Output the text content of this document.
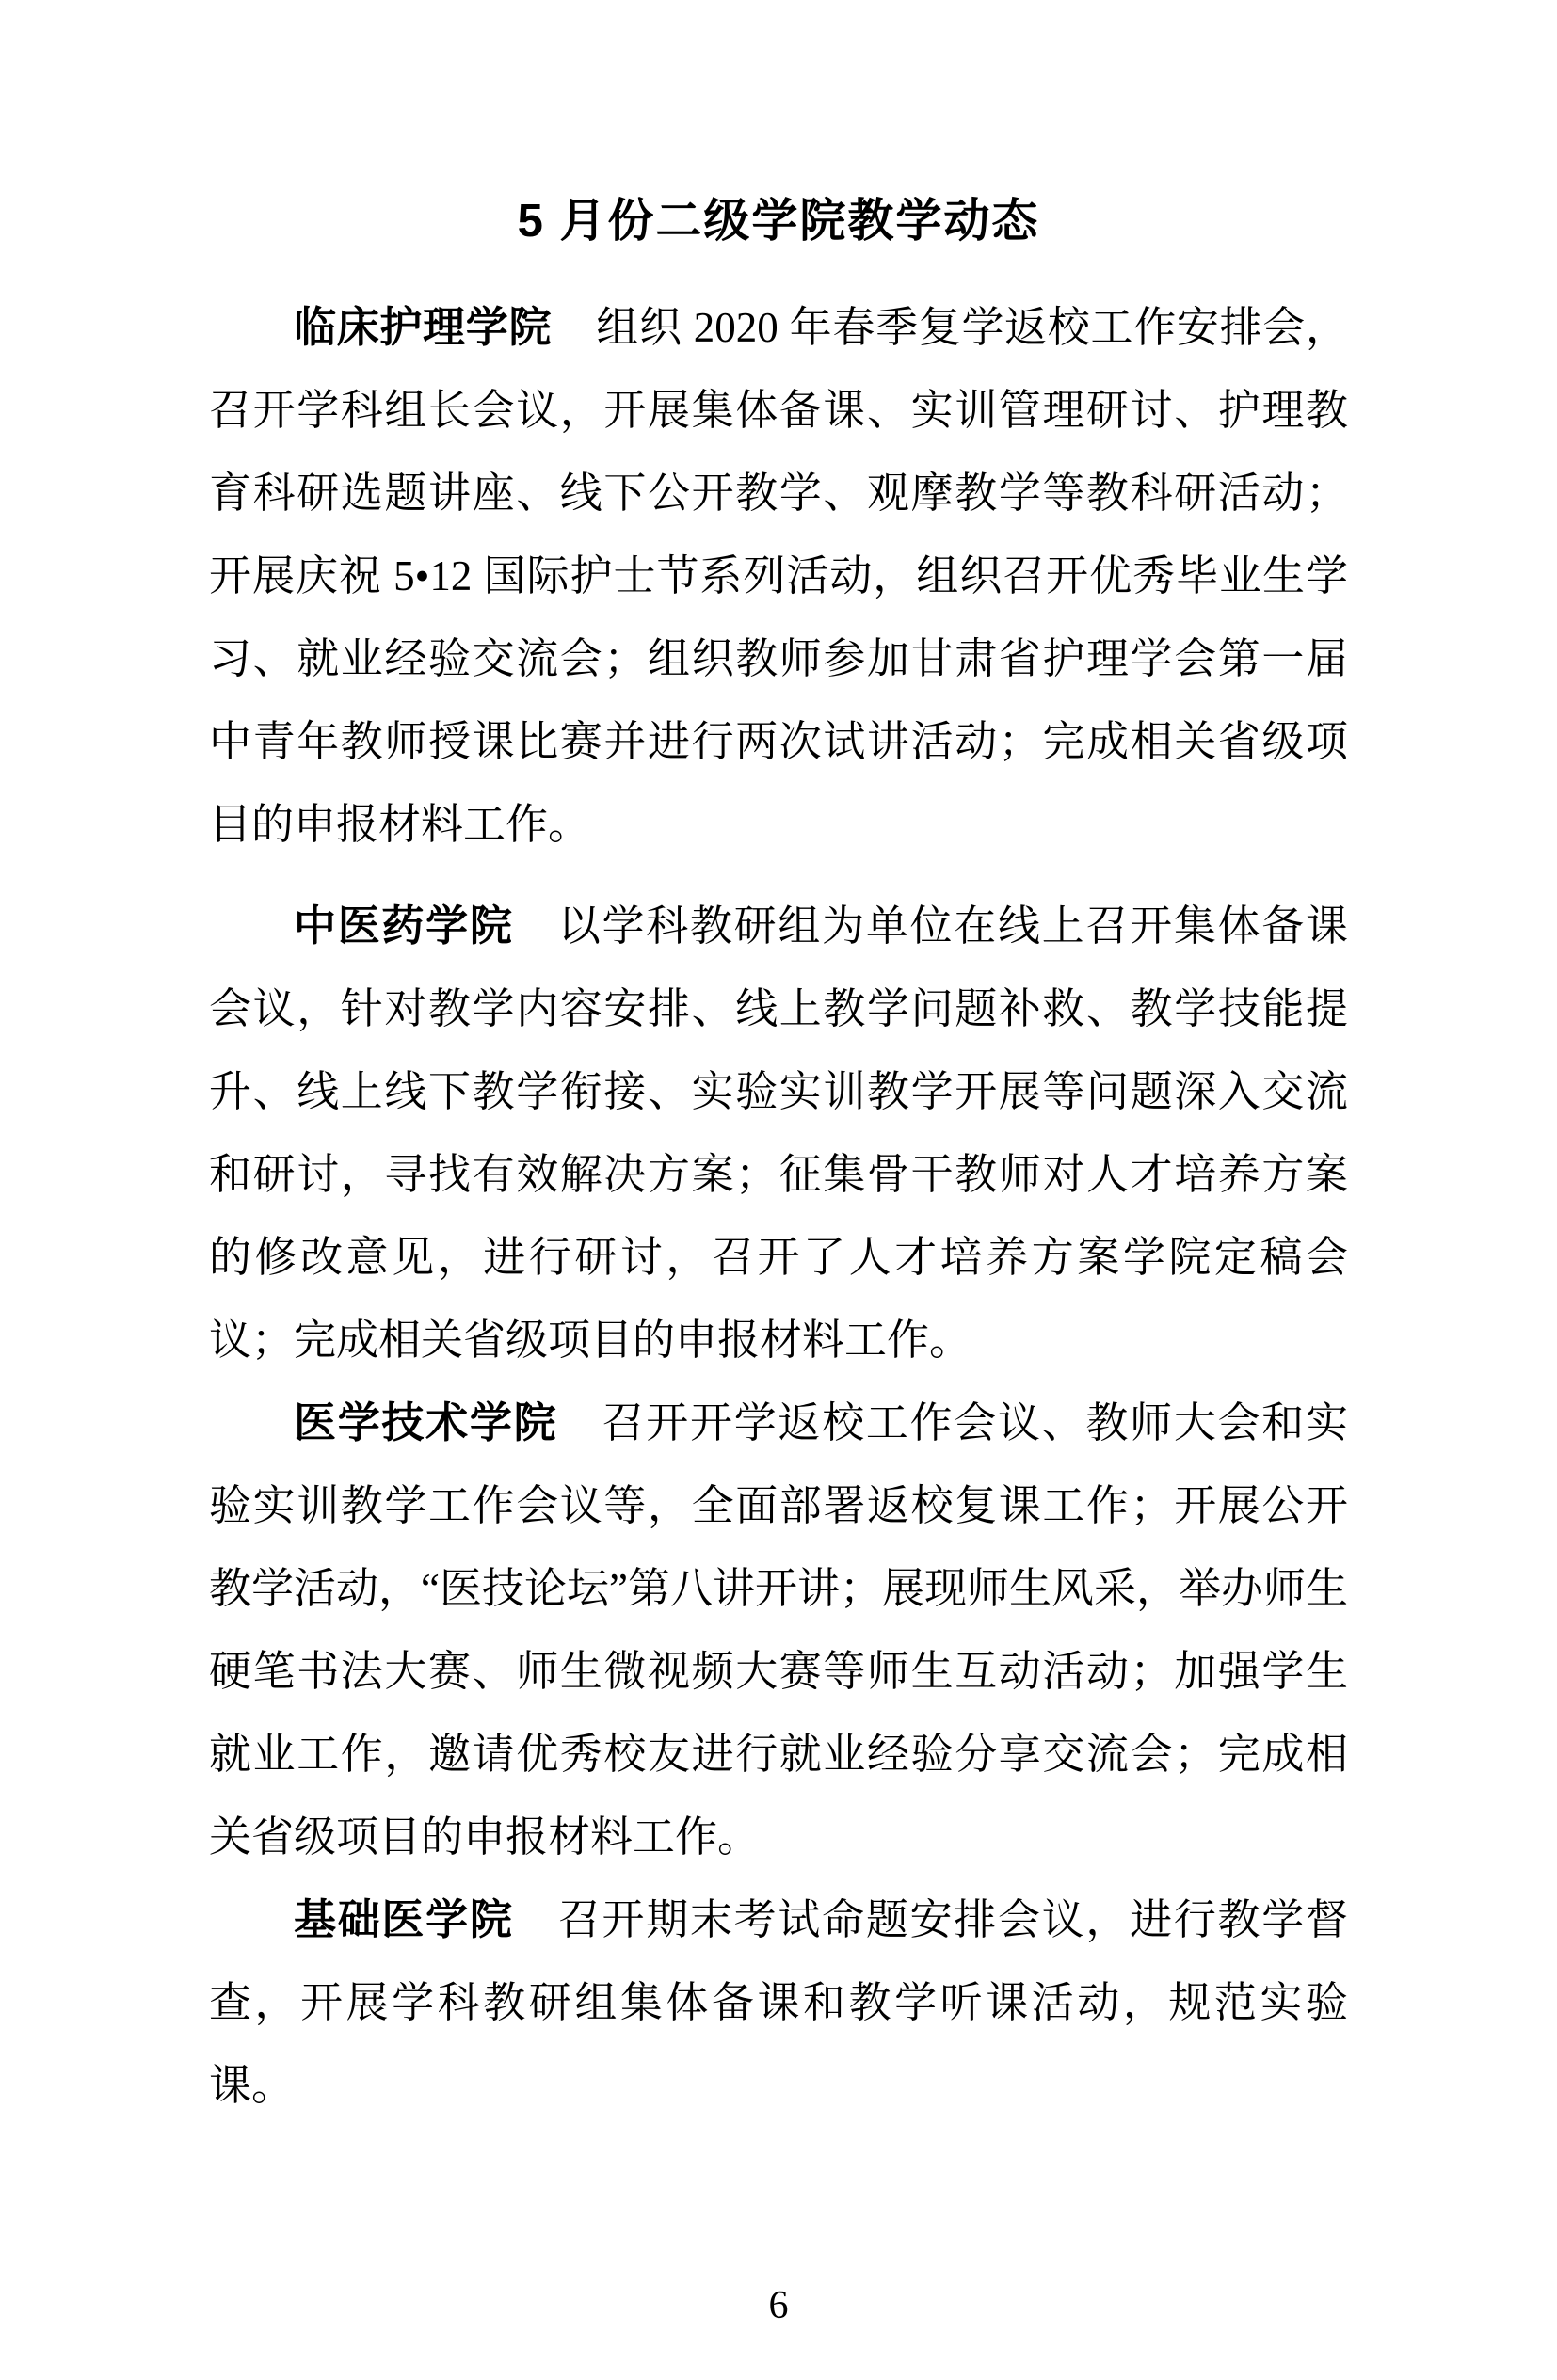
5 月份二级学院教学动态

临床护理学院 组织 2020 年春季复学返校工作安排会，召开学科组长会议，开展集体备课、实训管理研讨、护理教育科研选题讲座、线下公开教学、观摩教学等教科研活动；开展庆祝 5•12 国际护士节系列活动，组织召开优秀毕业生学习、就业经验交流会；组织教师参加甘肃省护理学会第一届中青年教师授课比赛并进行两次试讲活动；完成相关省级项目的申报材料工作。

中医药学院 以学科教研组为单位在线上召开集体备课会议，针对教学内容安排、线上教学问题补救、教学技能提升、线上线下教学衔接、实验实训教学开展等问题深入交流和研讨，寻找有效解决方案；征集骨干教师对人才培养方案的修改意见，进行研讨，召开了人才培养方案学院定稿会议；完成相关省级项目的申报材料工作。

医学技术学院 召开开学返校工作会议、教师大会和实验实训教学工作会议等，全面部署返校复课工作；开展公开教学活动，“医技论坛”第八讲开讲；展现师生风采，举办师生硬笔书法大赛、师生微视频大赛等师生互动活动；加强学生就业工作，邀请优秀校友进行就业经验分享交流会；完成相关省级项目的申报材料工作。

基础医学院 召开期末考试命题安排会议，进行教学督查，开展学科教研组集体备课和教学听课活动，规范实验课。

6
